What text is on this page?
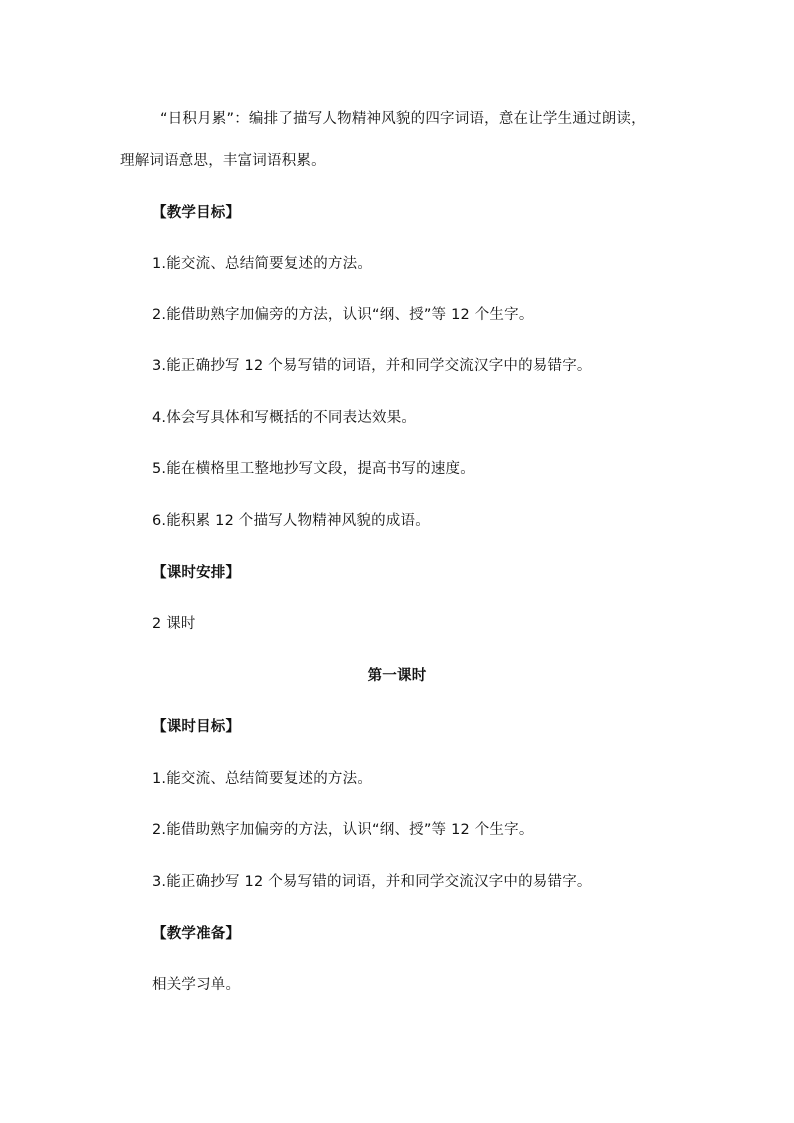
“日积月累”：编排了描写人物精神风貌的四字词语，意在让学生通过朗读，
理解词语意思，丰富词语积累。
【教学目标】
1.能交流、总结简要复述的方法。
2.能借助熟字加偏旁的方法，认识“纲、授”等 12 个生字。
3.能正确抄写 12 个易写错的词语，并和同学交流汉字中的易错字。
4.体会写具体和写概括的不同表达效果。
5.能在横格里工整地抄写文段，提高书写的速度。
6.能积累 12 个描写人物精神风貌的成语。
【课时安排】
2 课时
第一课时
【课时目标】
1.能交流、总结简要复述的方法。
2.能借助熟字加偏旁的方法，认识“纲、授”等 12 个生字。
3.能正确抄写 12 个易写错的词语，并和同学交流汉字中的易错字。
【教学准备】
相关学习单。
